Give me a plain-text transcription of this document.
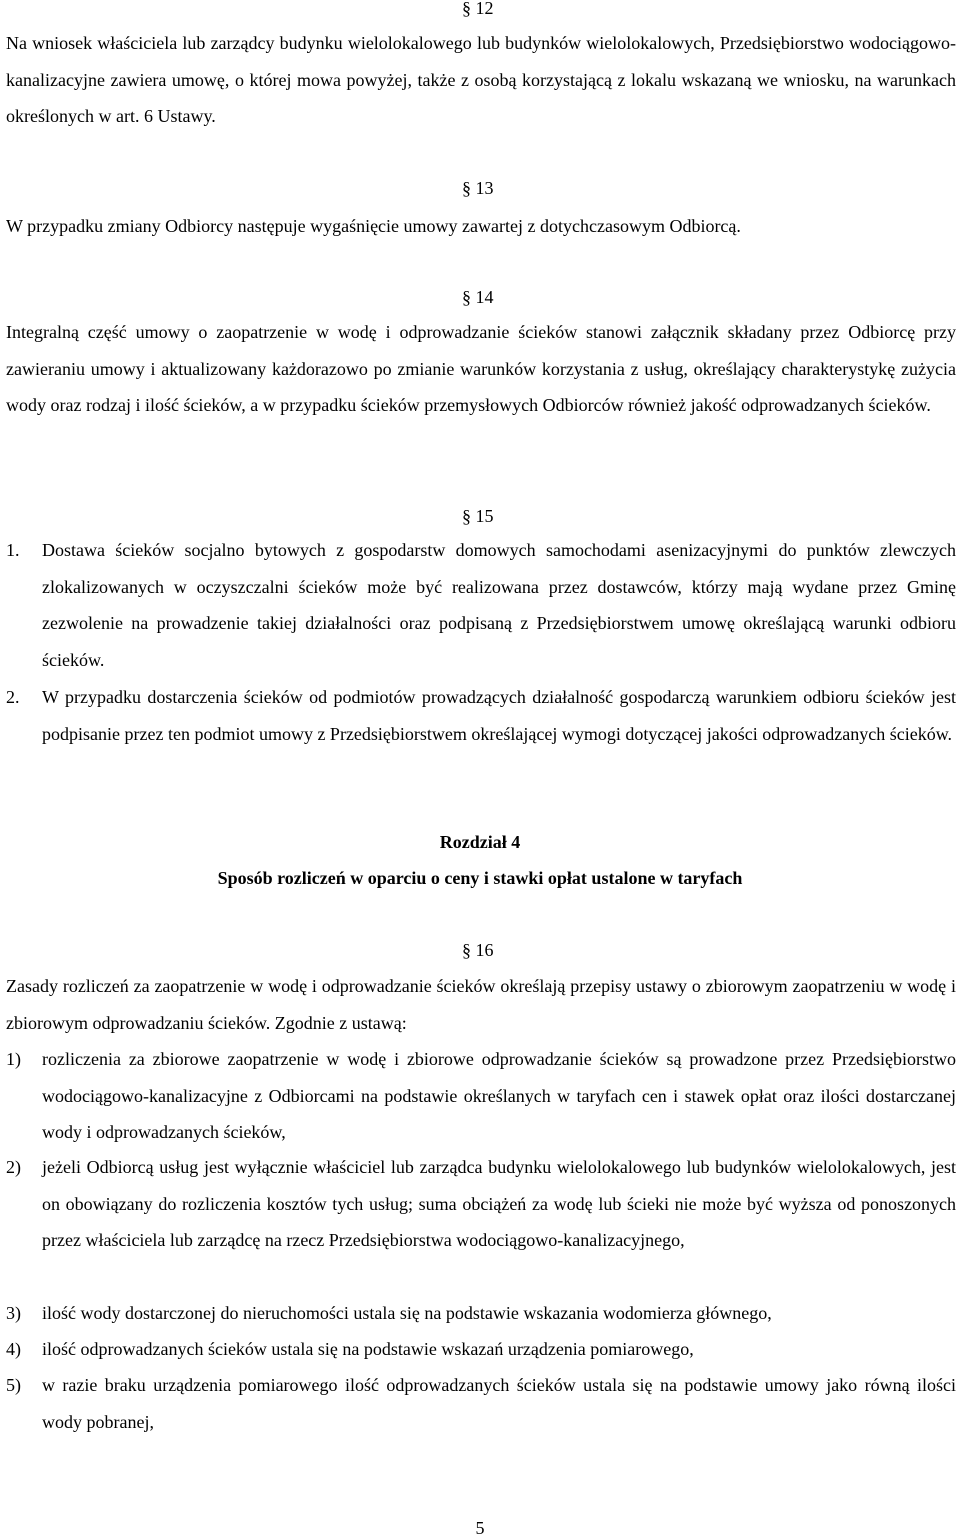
§ 12
Na wniosek właściciela lub zarządcy budynku wielolokalowego lub budynków wielolokalowych, Przedsiębiorstwo wodociągowo-kanalizacyjne zawiera umowę, o której mowa powyżej, także z osobą korzystającą z lokalu wskazaną we wniosku, na warunkach określonych w art. 6 Ustawy.
§ 13
W przypadku zmiany Odbiorcy następuje wygaśnięcie umowy zawartej z dotychczasowym Odbiorcą.
§ 14
Integralną część umowy o zaopatrzenie w wodę i odprowadzanie ścieków stanowi załącznik składany przez Odbiorcę przy zawieraniu umowy i aktualizowany każdorazowo po zmianie warunków korzystania z usług, określający charakterystykę zużycia wody oraz rodzaj i ilość ścieków, a w przypadku ścieków przemysłowych Odbiorców również jakość odprowadzanych ścieków.
§ 15
1. Dostawa ścieków socjalno bytowych z gospodarstw domowych samochodami asenizacyjnymi do punktów zlewczych zlokalizowanych w oczyszczalni ścieków może być realizowana przez dostawców, którzy mają wydane przez Gminę zezwolenie na prowadzenie takiej działalności oraz podpisaną z Przedsiębiorstwem umowę określającą warunki odbioru ścieków.
2. W przypadku dostarczenia ścieków od podmiotów prowadzących działalność gospodarczą warunkiem odbioru ścieków jest podpisanie przez ten podmiot umowy z Przedsiębiorstwem określającej wymogi dotyczącej jakości odprowadzanych ścieków.
Rozdział 4
Sposób rozliczeń w oparciu o ceny i stawki opłat ustalone w taryfach
§ 16
Zasady rozliczeń za zaopatrzenie w wodę i odprowadzanie ścieków określają przepisy ustawy o zbiorowym zaopatrzeniu w wodę i zbiorowym odprowadzaniu ścieków. Zgodnie z ustawą:
1) rozliczenia za zbiorowe zaopatrzenie w wodę i zbiorowe odprowadzanie ścieków są prowadzone przez Przedsiębiorstwo wodociągowo-kanalizacyjne z Odbiorcami na podstawie określanych w taryfach cen i stawek opłat oraz ilości dostarczanej wody i odprowadzanych ścieków,
2) jeżeli Odbiorcą usług jest wyłącznie właściciel lub zarządca budynku wielolokalowego lub budynków wielolokalowych, jest on obowiązany do rozliczenia kosztów tych usług; suma obciążeń za wodę lub ścieki nie może być wyższa od ponoszonych przez właściciela lub zarządcę na rzecz Przedsiębiorstwa wodociągowo-kanalizacyjnego,
3) ilość wody dostarczonej do nieruchomości ustala się na podstawie wskazania wodomierza głównego,
4) ilość odprowadzanych ścieków ustala się na podstawie wskazań urządzenia pomiarowego,
5) w razie braku urządzenia pomiarowego ilość odprowadzanych ścieków ustala się na podstawie umowy jako równą ilości wody pobranej,
5
